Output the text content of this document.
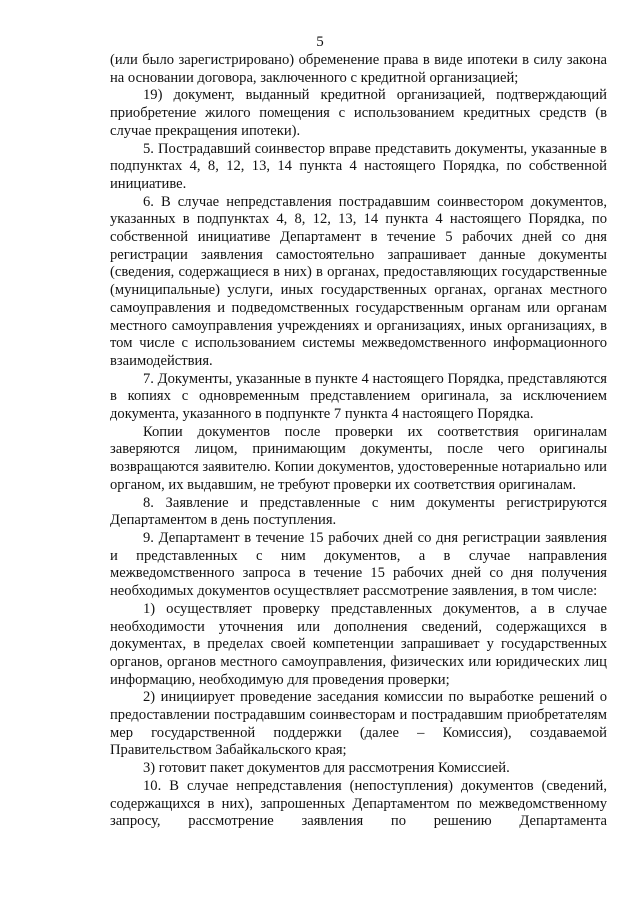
5

(или было зарегистрировано) обременение права в виде ипотеки в силу закона на основании договора, заключенного с кредитной организацией;

19) документ, выданный кредитной организацией, подтверждающий приобретение жилого помещения с использованием кредитных средств (в случае прекращения ипотеки).

5. Пострадавший соинвестор вправе представить документы, указанные в подпунктах 4, 8, 12, 13, 14 пункта 4 настоящего Порядка, по собственной инициативе.

6. В случае непредставления пострадавшим соинвестором документов, указанных в подпунктах 4, 8, 12, 13, 14 пункта 4 настоящего Порядка, по собственной инициативе Департамент в течение 5 рабочих дней со дня регистрации заявления самостоятельно запрашивает данные документы (сведения, содержащиеся в них) в органах, предоставляющих государственные (муниципальные) услуги, иных государственных органах, органах местного самоуправления и подведомственных государственным органам или органам местного самоуправления учреждениях и организациях, иных организациях, в том числе с использованием системы межведомственного информационного взаимодействия.

7. Документы, указанные в пункте 4 настоящего Порядка, представляются в копиях с одновременным представлением оригинала, за исключением документа, указанного в подпункте 7 пункта 4 настоящего Порядка.

Копии документов после проверки их соответствия оригиналам заверяются лицом, принимающим документы, после чего оригиналы возвращаются заявителю. Копии документов, удостоверенные нотариально или органом, их выдавшим, не требуют проверки их соответствия оригиналам.

8. Заявление и представленные с ним документы регистрируются Департаментом в день поступления.

9. Департамент в течение 15 рабочих дней со дня регистрации заявления и представленных с ним документов, а в случае направления межведомственного запроса в течение 15 рабочих дней со дня получения необходимых документов осуществляет рассмотрение заявления, в том числе:

1) осуществляет проверку представленных документов, а в случае необходимости уточнения или дополнения сведений, содержащихся в документах, в пределах своей компетенции запрашивает у государственных органов, органов местного самоуправления, физических или юридических лиц информацию, необходимую для проведения проверки;

2) инициирует проведение заседания комиссии по выработке решений о предоставлении пострадавшим соинвесторам и пострадавшим приобретателям мер государственной поддержки (далее – Комиссия), создаваемой Правительством Забайкальского края;

3) готовит пакет документов для рассмотрения Комиссией.

10. В случае непредставления (непоступления) документов (сведений, содержащихся в них), запрошенных Департаментом по межведомственному запросу, рассмотрение заявления по решению Департамента
